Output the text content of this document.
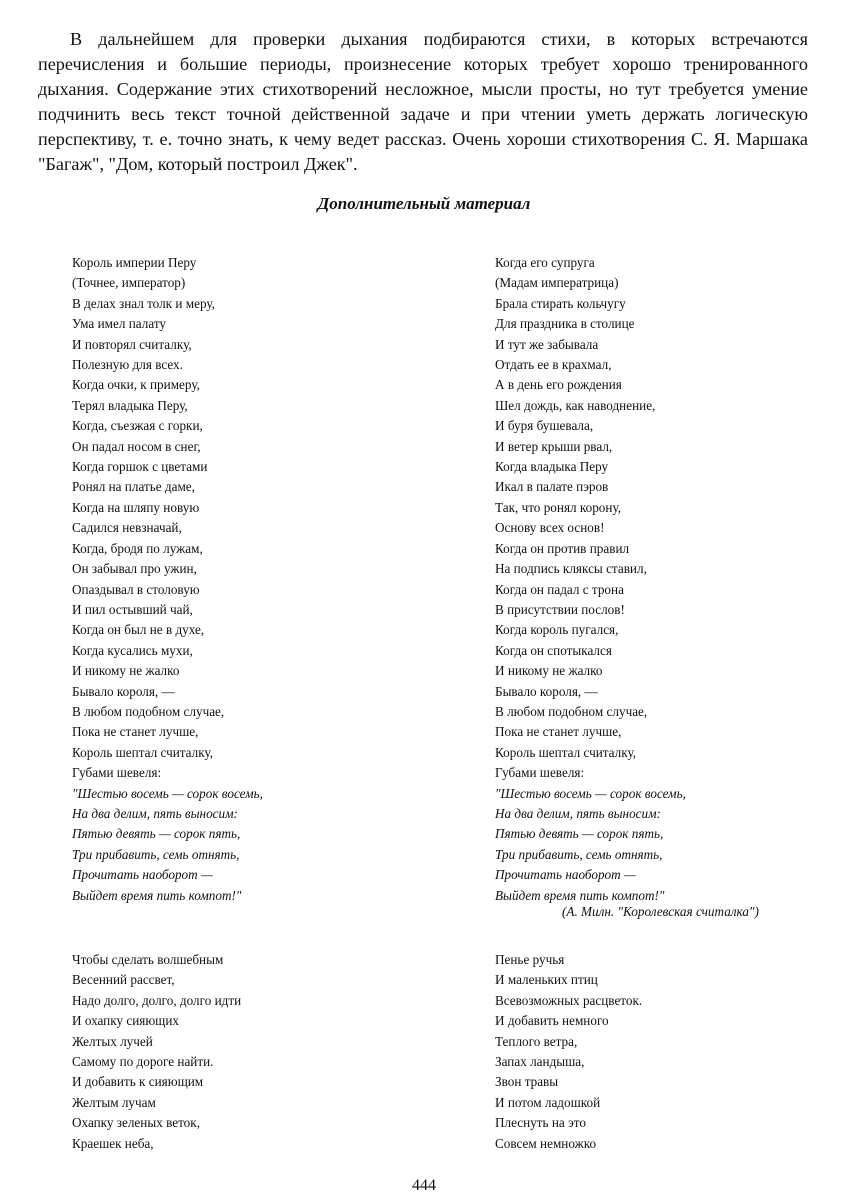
В дальнейшем для проверки дыхания подбираются стихи, в которых встречаются перечисления и большие периоды, произнесение которых требует хорошо тренированного дыхания. Содержание этих стихотворений несложное, мысли просты, но тут требуется умение подчинить весь текст точной действенной задаче и при чтении уметь держать логическую перспективу, т. е. точно знать, к чему ведет рассказ. Очень хороши стихотворения С. Я. Маршака "Багаж", "Дом, который построил Джек".

Дополнительный материал
Король империи Перу
(Точнее, император)
В делах знал толк и меру,
Ума имел палату
И повторял считалку,
Полезную для всех.
Когда очки, к примеру,
Терял владыка Перу,
Когда, съезжая с горки,
Он падал носом в снег,
Когда горшок с цветами
Ронял на платье даме,
Когда на шляпу новую
Садился невзначай,
Когда, бродя по лужам,
Он забывал про ужин,
Опаздывал в столовую
И пил остывший чай,
Когда он был не в духе,
Когда кусались мухи,
И никому не жалко
Бывало короля, —
В любом подобном случае,
Пока не станет лучше,
Король шептал считалку,
Губами шевеля:
"Шестью восемь — сорок восемь,
На два делим, пять выносим:
Пятью девять — сорок пять,
Три прибавить, семь отнять,
Прочитать наоборот —
Выйдет время пить компот!"
Когда его супруга
(Мадам императрица)
Брала стирать кольчугу
Для праздника в столице
И тут же забывала
Отдать ее в крахмал,
А в день его рождения
Шел дождь, как наводнение,
И буря бушевала,
И ветер крыши рвал,
Когда владыка Перу
Икал в палате пэров
Так, что ронял корону,
Основу всех основ!
Когда он против правил
На подпись кляксы ставил,
Когда он падал с трона
В присутствии послов!
Когда король пугался,
Когда он спотыкался
И никому не жалко
Бывало короля, —
В любом подобном случае,
Пока не станет лучше,
Король шептал считалку,
Губами шевеля:
"Шестью восемь — сорок восемь,
На два делим, пять выносим:
Пятью девять — сорок пять,
Три прибавить, семь отнять,
Прочитать наоборот —
Выйдет время пить компот!"

(А. Милн. "Королевская считалка")

Чтобы сделать волшебным
Весенний рассвет,
Надо долго, долго, долго идти
И охапку сияющих
Желтых лучей
Самому по дороге найти.
И добавить к сияющим
Желтым лучам
Охапку зеленых веток,
Краешек неба,
Пенье ручья
И маленьких птиц
Всевозможных расцветок.
И добавить немного
Теплого ветра,
Запах ландыша,
Звон травы
И потом ладошкой
Плеснуть на это
Совсем немножко

444
